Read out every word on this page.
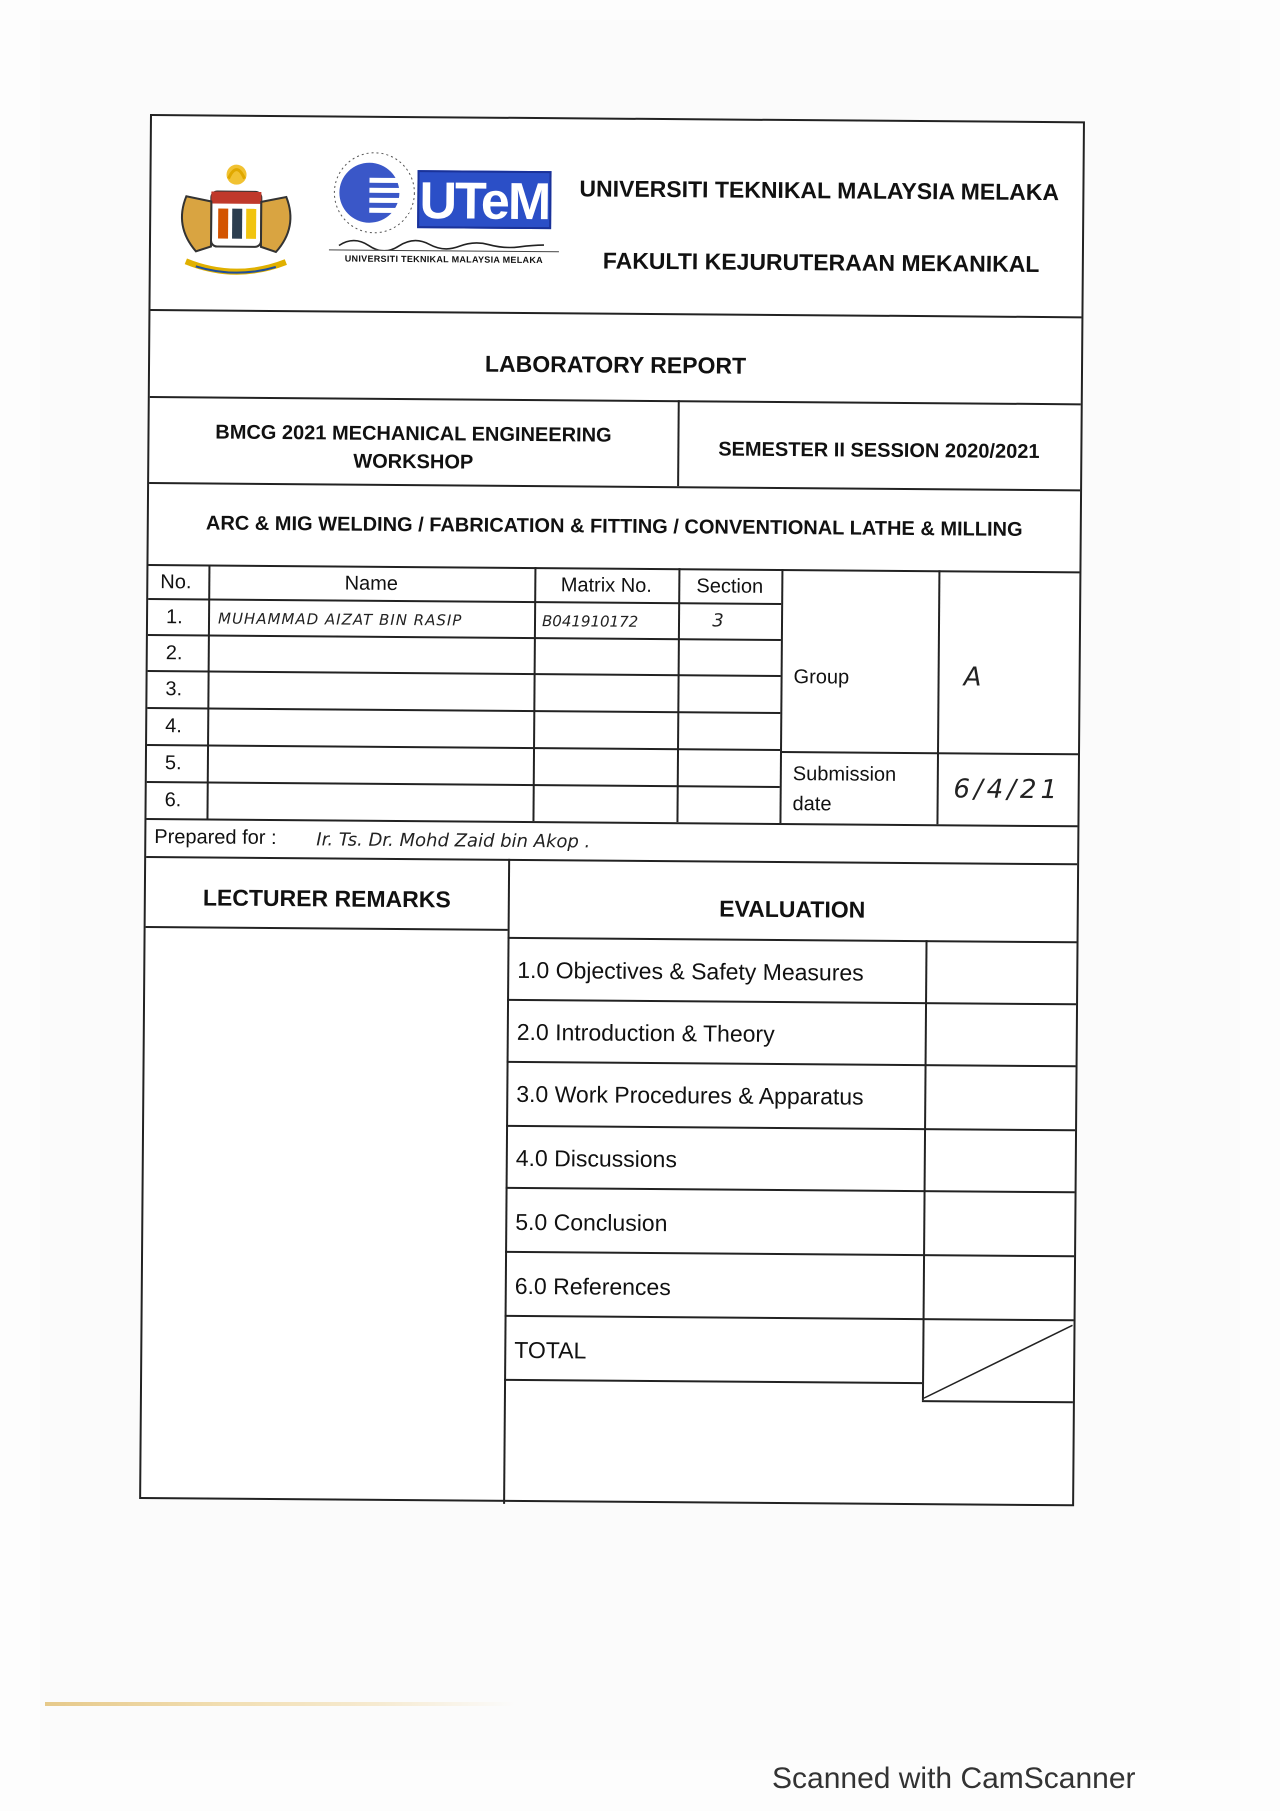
UTeM
UNIVERSITI TEKNIKAL MALAYSIA MELAKA
UNIVERSITI TEKNIKAL MALAYSIA MELAKA
FAKULTI KEJURUTERAAN MEKANIKAL
LABORATORY REPORT
BMCG 2021 MECHANICAL ENGINEERING
WORKSHOP	SEMESTER II SESSION 2020/2021
ARC & MIG WELDING / FABRICATION & FITTING / CONVENTIONAL LATHE & MILLING
No.	Name	Matrix No.	Section
1. MUHAMMAD AIZAT BIN RASIP	B041910172	3
2.
3.
4.
5.
6.
Group	A
Submission
date	6/4/21
Prepared for : Ir. Ts. Dr. Mohd Zaid bin Akop .
LECTURER REMARKS	EVALUATION
1.0 Objectives & Safety Measures
2.0 Introduction & Theory
3.0 Work Procedures & Apparatus
4.0 Discussions
5.0 Conclusion
6.0 References
TOTAL
Scanned with CamScanner
